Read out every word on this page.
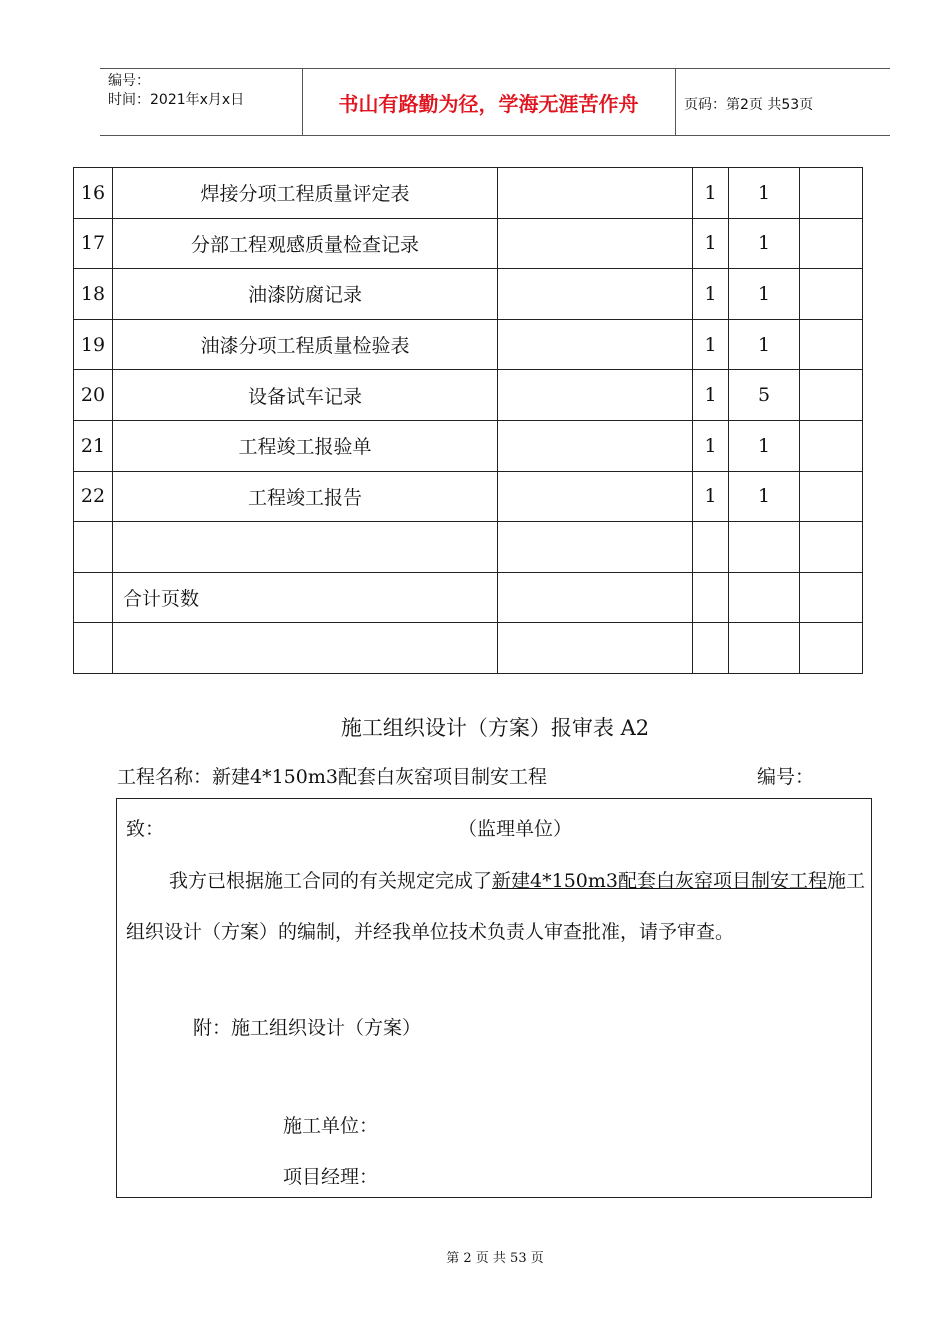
编号：
时间：2021年x月x日	书山有路勤为径，学海无涯苦作舟	页码：第2页 共53页
16	焊接分项工程质量评定表		1	1	
17	分部工程观感质量检查记录		1	1	
18	油漆防腐记录		1	1	
19	油漆分项工程质量检验表		1	1	
20	设备试车记录		1	5	
21	工程竣工报验单		1	1	
22	工程竣工报告		1	1	

	合计页数				

施工组织设计（方案）报审表 A2
工程名称：新建4*150m3配套白灰窑项目制安工程	编号：
致：	（监理单位）

我方已根据施工合同的有关规定完成了新建4*150m3配套白灰窑项目制安工程施工组织设计（方案）的编制，并经我单位技术负责人审查批准，请予审查。

附：施工组织设计（方案）
施工单位：
项目经理：
第 2 页 共 53 页
